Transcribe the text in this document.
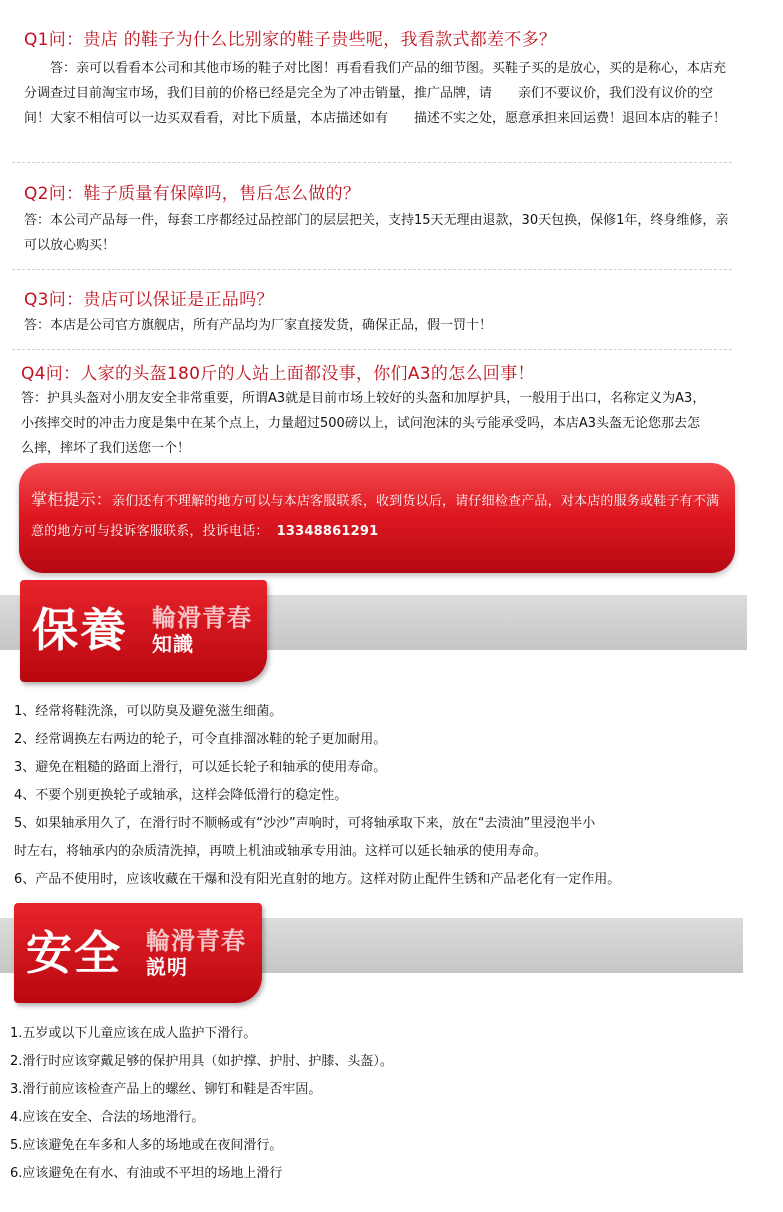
Q1问：贵店 的鞋子为什么比别家的鞋子贵些呢，我看款式都差不多？
　　答：亲可以看看本公司和其他市场的鞋子对比图！再看看我们产品的细节图。买鞋子买的是放心，买的是称心，本店充分调查过目前淘宝市场，我们目前的价格已经是完全为了冲击销量，推广品牌，请　　亲们不要议价，我们没有议价的空间！大家不相信可以一边买双看看，对比下质量，本店描述如有　　描述不实之处，愿意承担来回运费！退回本店的鞋子！
Q2问：鞋子质量有保障吗，售后怎么做的？
答：本公司产品每一件，每套工序都经过品控部门的层层把关，支持15天无理由退款，30天包换，保修1年，终身维修，亲可以放心购买！
Q3问：贵店可以保证是正品吗？
答：本店是公司官方旗舰店，所有产品均为厂家直接发货，确保正品，假一罚十！
Q4问：人家的头盔180斤的人站上面都没事，你们A3的怎么回事！
答：护具头盔对小朋友安全非常重要，所谓A3就是目前市场上较好的头盔和加厚护具，一般用于出口，名称定义为A3，小孩摔交时的冲击力度是集中在某个点上，力量超过500磅以上，试问泡沫的头亏能承受吗，本店A3头盔无论您那去怎么摔，摔坏了我们送您一个！
掌柜提示：亲们还有不理解的地方可以与本店客服联系，收到货以后，请仔细检查产品，对本店的服务或鞋子有不满意的地方可与投诉客服联系，投诉电话： 13348861291
保養 輪滑青春
知識
1、经常将鞋洗涤，可以防臭及避免滋生细菌。
2、经常调换左右两边的轮子，可令直排溜冰鞋的轮子更加耐用。
3、避免在粗糙的路面上滑行，可以延长轮子和轴承的使用寿命。
4、不要个别更换轮子或轴承，这样会降低滑行的稳定性。
5、如果轴承用久了，在滑行时不顺畅或有“沙沙”声响时，可将轴承取下来，放在“去渍油”里浸泡半小
时左右，将轴承内的杂质清洗掉，再喷上机油或轴承专用油。这样可以延长轴承的使用寿命。
6、产品不使用时，应该收藏在干爆和没有阳光直射的地方。这样对防止配件生锈和产品老化有一定作用。
安全 輪滑青春
説明
1.五岁或以下儿童应该在成人监护下滑行。
2.滑行时应该穿戴足够的保护用具（如护撑、护肘、护膝、头盔）。
3.滑行前应该检查产品上的螺丝、铆钉和鞋是否牢固。
4.应该在安全、合法的场地滑行。
5.应该避免在车多和人多的场地或在夜间滑行。
6.应该避免在有水、有油或不平坦的场地上滑行
